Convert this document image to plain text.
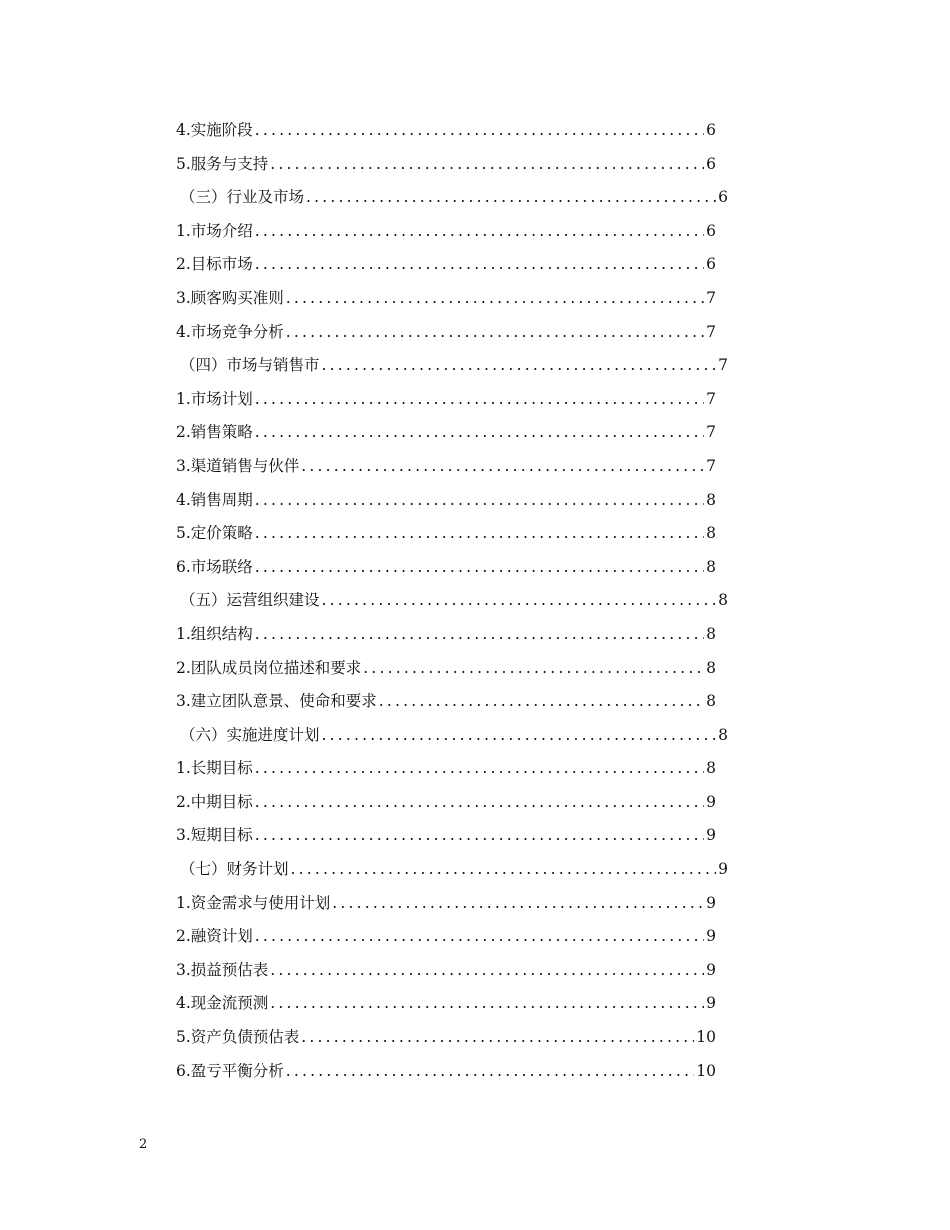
4.实施阶段 .....	6
5.服务与支持 .....	6
（三）行业及市场 .....	6
1.市场介绍 .....	6
2.目标市场 .....	6
3.顾客购买准则 .....	7
4.市场竞争分析 .....	7
（四）市场与销售市 .....	7
1.市场计划 .....	7
2.销售策略 .....	7
3.渠道销售与伙伴 .....	7
4.销售周期 .....	8
5.定价策略 .....	8
6.市场联络 .....	8
（五）运营组织建设 .....	8
1.组织结构 .....	8
2.团队成员岗位描述和要求 .....	8
3.建立团队意景、使命和要求 .....	8
（六）实施进度计划 .....	8
1.长期目标 .....	8
2.中期目标 .....	9
3.短期目标 .....	9
（七）财务计划 .....	9
1.资金需求与使用计划 .....	9
2.融资计划 .....	9
3.损益预估表 .....	9
4.现金流预测 .....	9
5.资产负债预估表 .....	10
6.盈亏平衡分析 .....	10
2
